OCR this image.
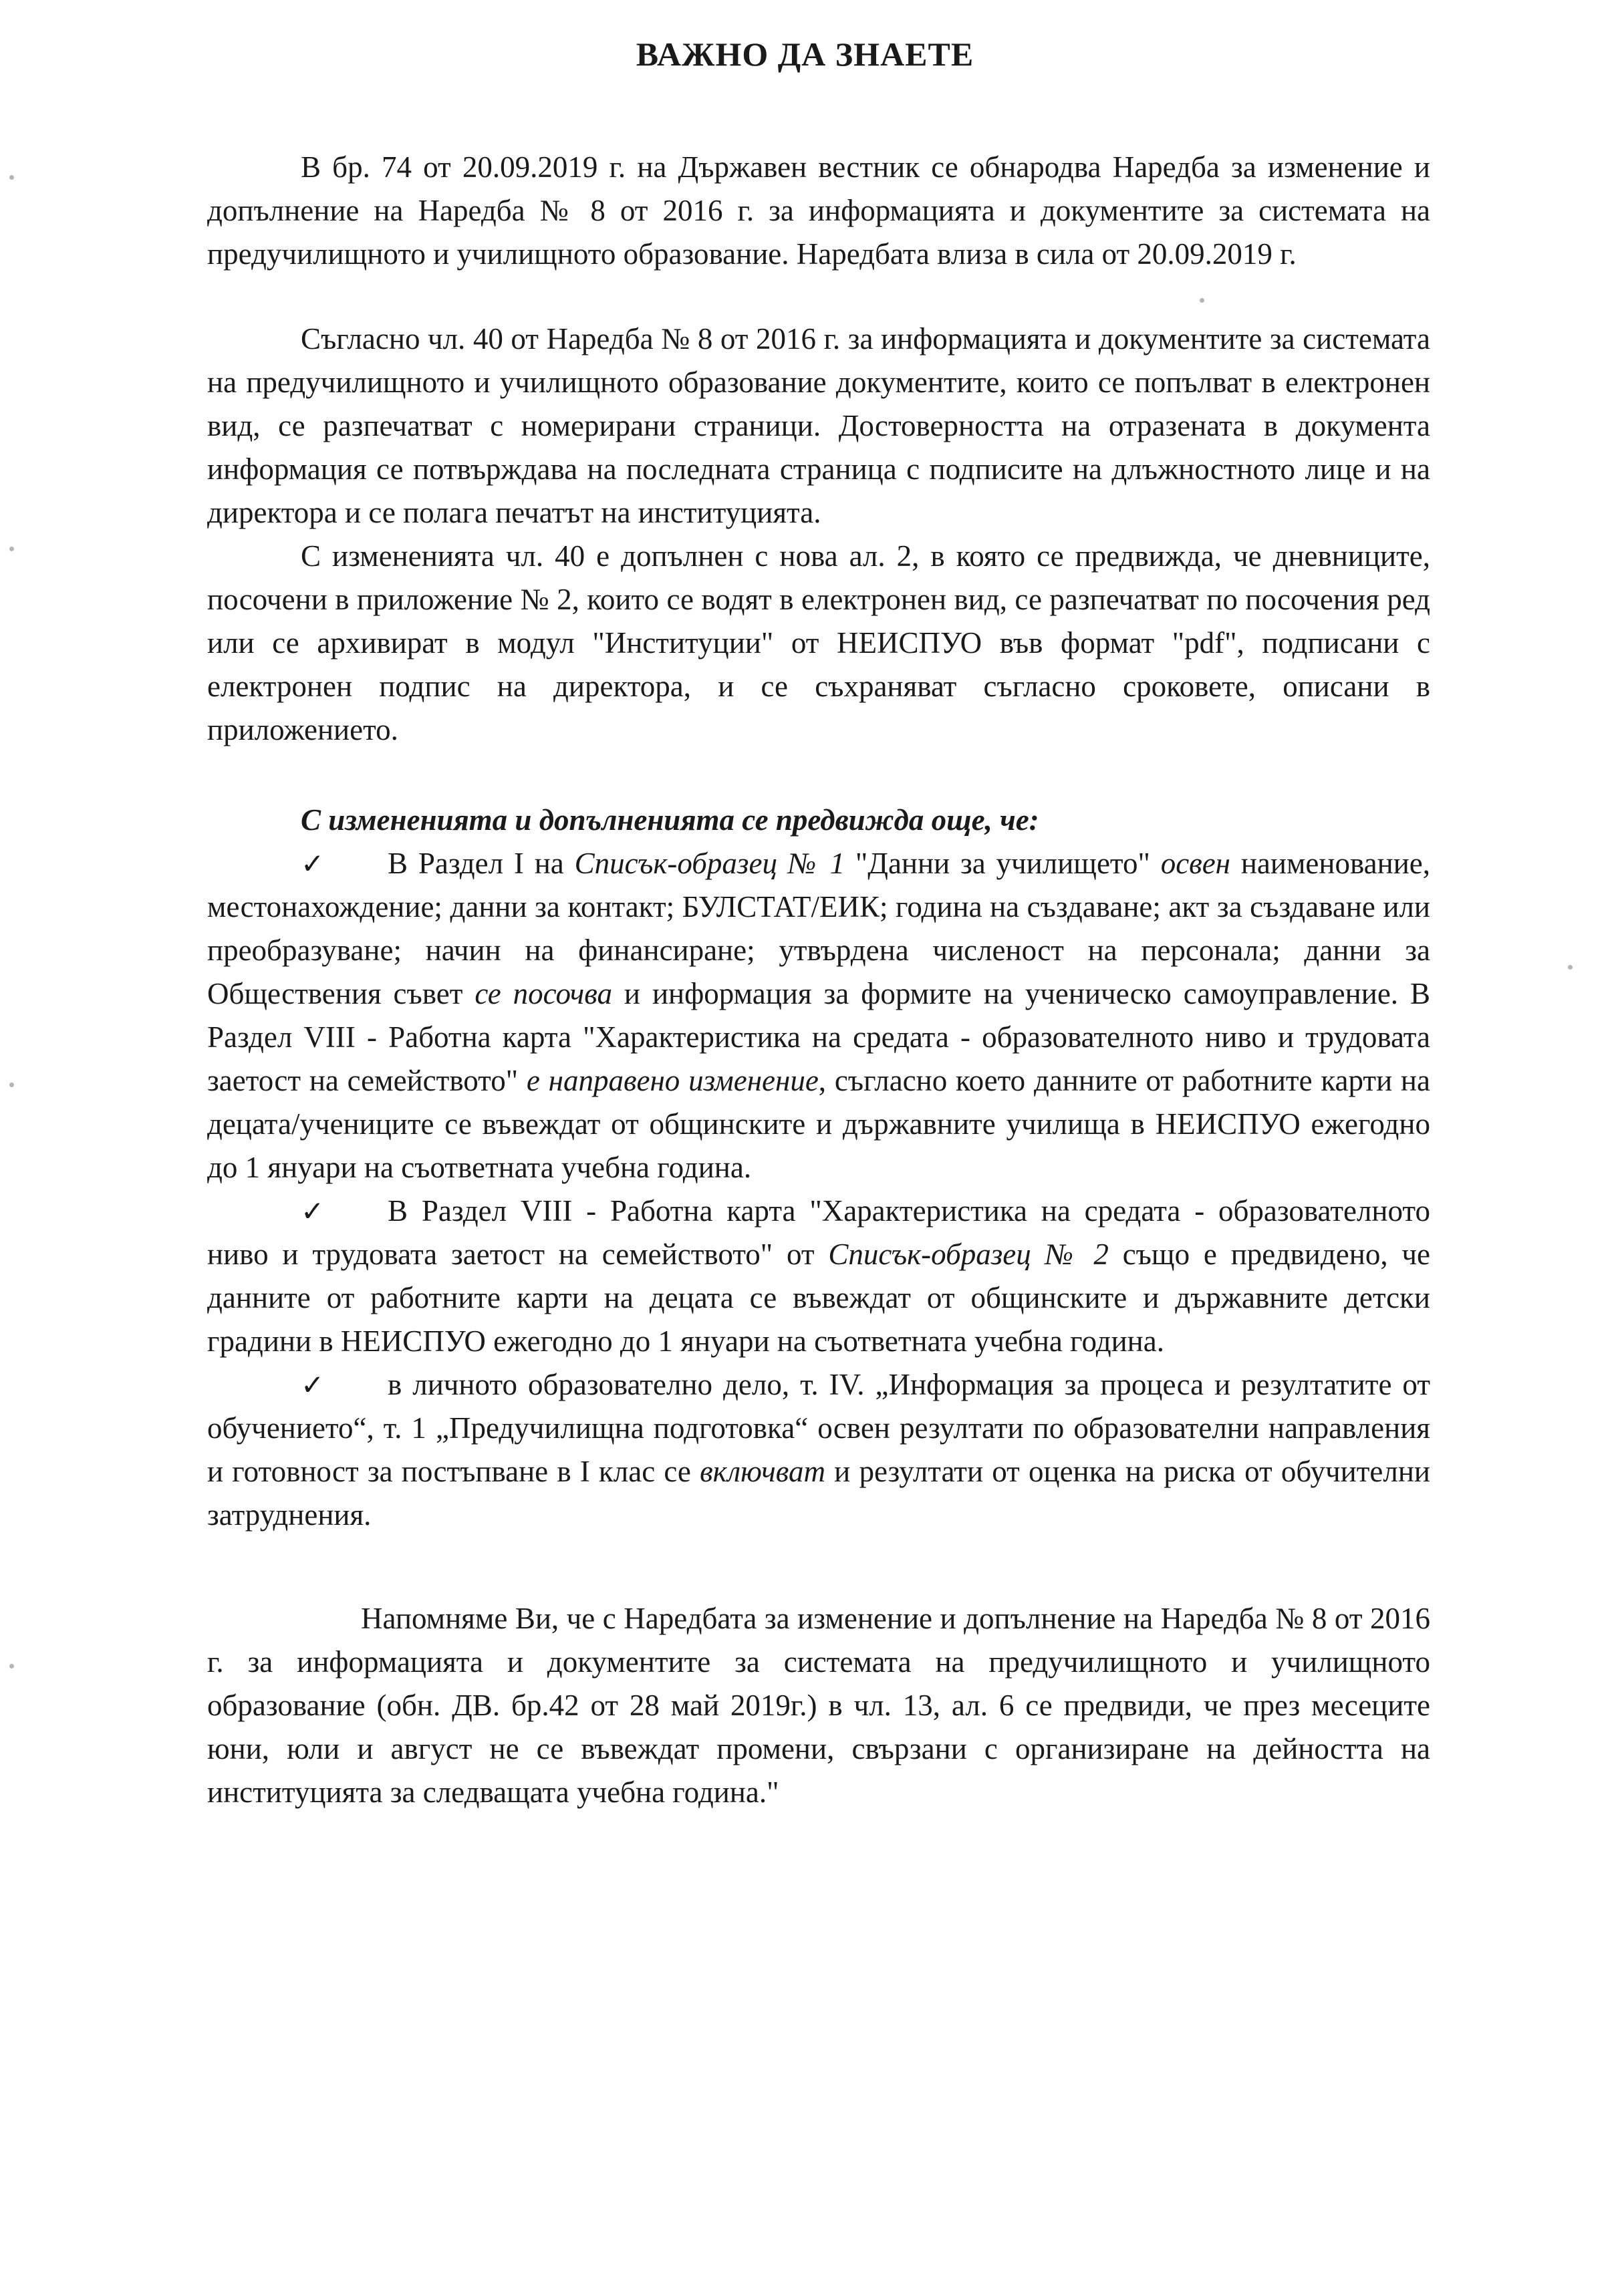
ВАЖНО ДА ЗНАЕТЕ

В бр. 74 от 20.09.2019 г. на Държавен вестник се обнародва Наредба за изменение и допълнение на Наредба № 8 от 2016 г. за информацията и документите за системата на предучилищното и училищното образование. Наредбата влиза в сила от 20.09.2019 г.

Съгласно чл. 40 от Наредба № 8 от 2016 г. за информацията и документите за системата на предучилищното и училищното образование документите, които се попълват в електронен вид, се разпечатват с номерирани страници. Достоверността на отразената в документа информация се потвърждава на последната страница с подписите на длъжностното лице и на директора и се полага печатът на институцията.

С измененията чл. 40 е допълнен с нова ал. 2, в която се предвижда, че дневниците, посочени в приложение № 2, които се водят в електронен вид, се разпечатват по посочения ред или се архивират в модул "Институции" от НЕИСПУО във формат "pdf", подписани с електронен подпис на директора, и се съхраняват съгласно сроковете, описани в приложението.

С измененията и допълненията се предвижда още, че:

✓ В Раздел I на Списък-образец № 1 "Данни за училището" освен наименование, местонахождение; данни за контакт; БУЛСТАТ/ЕИК; година на създаване; акт за създаване или преобразуване; начин на финансиране; утвърдена численост на персонала; данни за Обществения съвет се посочва и информация за формите на ученическо самоуправление. В Раздел VIII - Работна карта "Характеристика на средата - образователното ниво и трудовата заетост на семейството" е направено изменение, съгласно което данните от работните карти на децата/учениците се въвеждат от общинските и държавните училища в НЕИСПУО ежегодно до 1 януари на съответната учебна година.

✓ В Раздел VIII - Работна карта "Характеристика на средата - образователното ниво и трудовата заетост на семейството" от Списък-образец № 2 също е предвидено, че данните от работните карти на децата се въвеждат от общинските и държавните детски градини в НЕИСПУО ежегодно до 1 януари на съответната учебна година.

✓ в личното образователно дело, т. IV. „Информация за процеса и резултатите от обучението“, т. 1 „Предучилищна подготовка“ освен резултати по образователни направления и готовност за постъпване в I клас се включват и резултати от оценка на риска от обучителни затруднения.

Напомняме Ви, че с Наредбата за изменение и допълнение на Наредба № 8 от 2016 г. за информацията и документите за системата на предучилищното и училищното образование (обн. ДВ. бр.42 от 28 май 2019г.) в чл. 13, ал. 6 се предвиди, че през месеците юни, юли и август не се въвеждат промени, свързани с организиране на дейността на институцията за следващата учебна година."
